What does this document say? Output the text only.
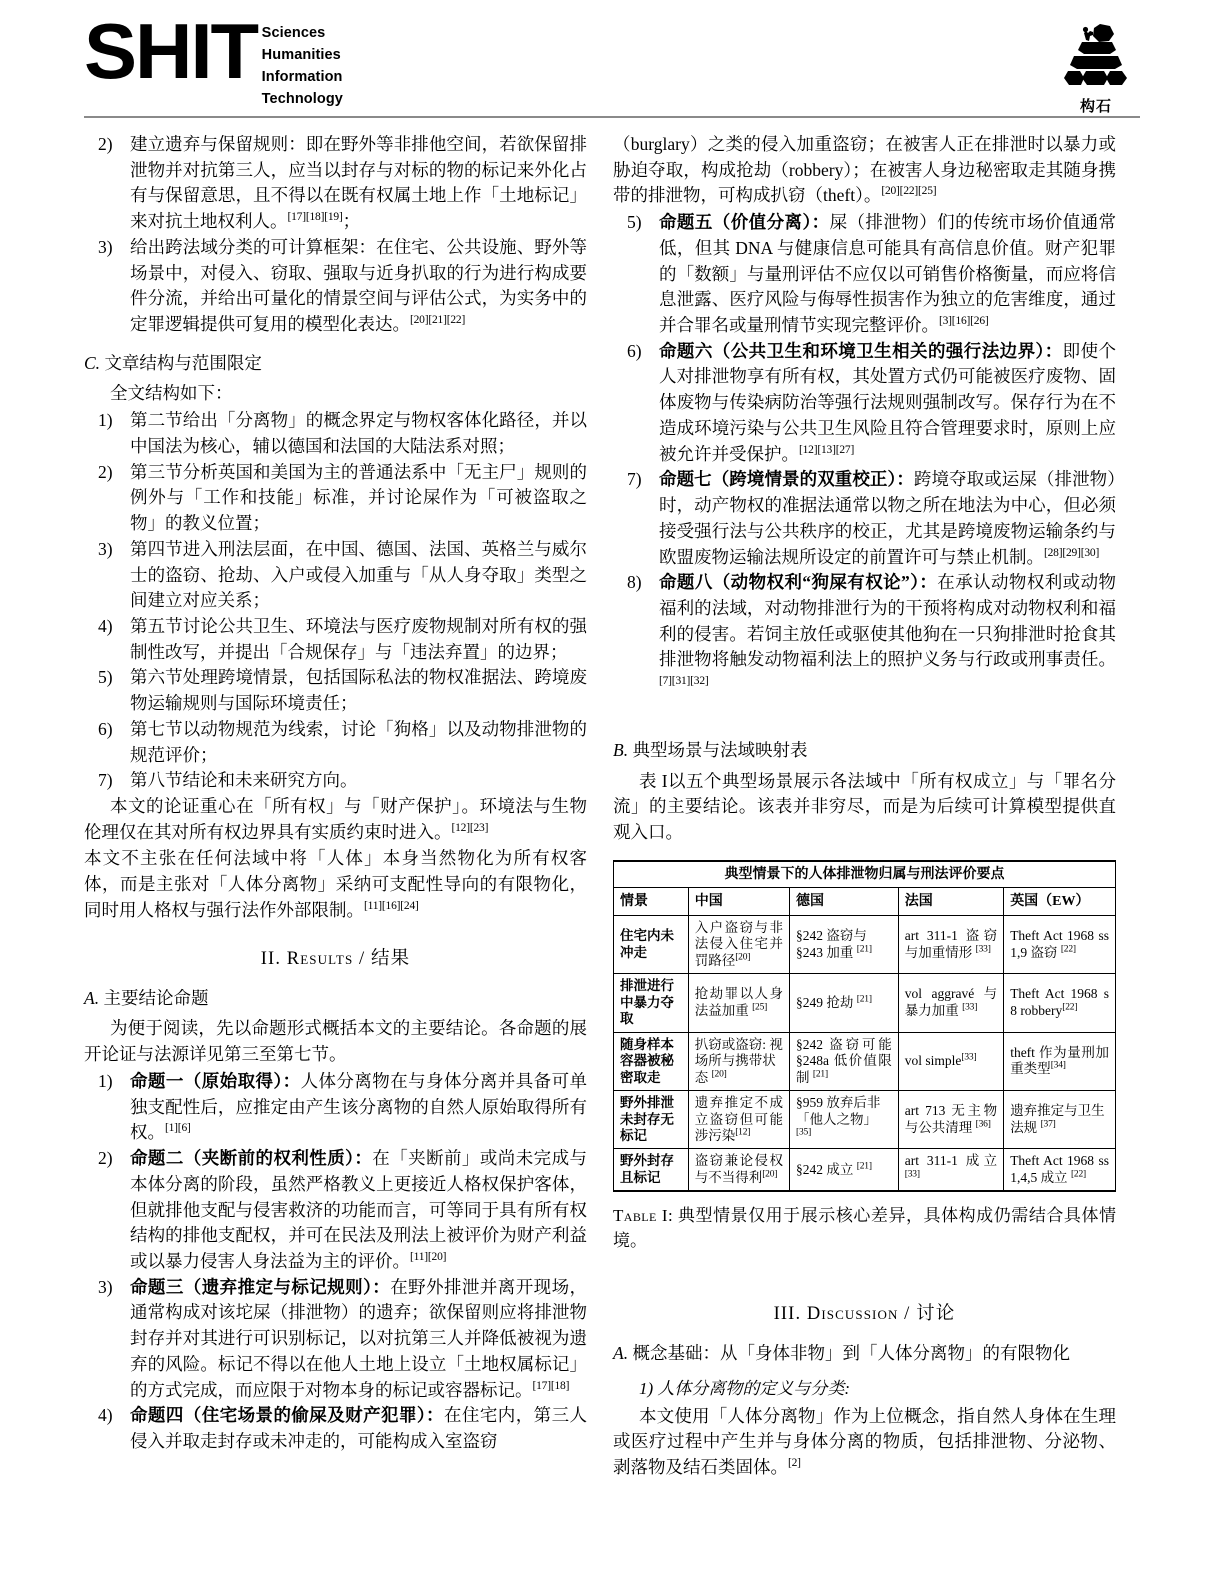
SHIT Sciences
Humanities
Information
Technology	构石
2) 建立遗弃与保留规则：即在野外等非排他空间，若欲保留排泄物并对抗第三人，应当以封存与对标的物的标记来外化占有与保留意思，且不得以在既有权属土地上作「土地标记」来对抗土地权利人。[17][18][19]；
3) 给出跨法域分类的可计算框架：在住宅、公共设施、野外等场景中，对侵入、窃取、强取与近身扒取的行为进行构成要件分流，并给出可量化的情景空间与评估公式，为实务中的定罪逻辑提供可复用的模型化表达。[20][21][22]
C. 文章结构与范围限定

全文结构如下：

1) 第二节给出「分离物」的概念界定与物权客体化路径，并以中国法为核心，辅以德国和法国的大陆法系对照；
2) 第三节分析英国和美国为主的普通法系中「无主尸」规则的例外与「工作和技能」标准，并讨论屎作为「可被盗取之物」的教义位置；
3) 第四节进入刑法层面，在中国、德国、法国、英格兰与威尔士的盗窃、抢劫、入户或侵入加重与「从人身夺取」类型之间建立对应关系；
4) 第五节讨论公共卫生、环境法与医疗废物规制对所有权的强制性改写，并提出「合规保存」与「违法弃置」的边界；
5) 第六节处理跨境情景，包括国际私法的物权准据法、跨境废物运输规则与国际环境责任；
6) 第七节以动物规范为线索，讨论「狗格」以及动物排泄物的规范评价；
7) 第八节结论和未来研究方向。

本文的论证重心在「所有权」与「财产保护」。环境法与生物伦理仅在其对所有权边界具有实质约束时进入。[12][23]

本文不主张在任何法域中将「人体」本身当然物化为所有权客体，而是主张对「人体分离物」采纳可支配性导向的有限物化，同时用人格权与强行法作外部限制。[11][16][24]

II. Results / 结果
A. 主要结论命题

为便于阅读，先以命题形式概括本文的主要结论。各命题的展开论证与法源详见第三至第七节。

1) 命题一（原始取得）：人体分离物在与身体分离并具备可单独支配性后，应推定由产生该分离物的自然人原始取得所有权。[1][6]
2) 命题二（夹断前的权利性质）：在「夹断前」或尚未完成与本体分离的阶段，虽然严格教义上更接近人格权保护客体，但就排他支配与侵害救济的功能而言，可等同于具有所有权结构的排他支配权，并可在民法及刑法上被评价为财产利益或以暴力侵害人身法益为主的评价。[11][20]
3) 命题三（遗弃推定与标记规则）：在野外排泄并离开现场，通常构成对该坨屎（排泄物）的遗弃；欲保留则应将排泄物封存并对其进行可识别标记，以对抗第三人并降低被视为遗弃的风险。标记不得以在他人土地上设立「土地权属标记」的方式完成，而应限于对物本身的标记或容器标记。[17][18]
4) 命题四（住宅场景的偷屎及财产犯罪）：在住宅内，第三人侵入并取走封存或未冲走的，可能构成入室盗窃

（burglary）之类的侵入加重盗窃；在被害人正在排泄时以暴力或胁迫夺取，构成抢劫（robbery）；在被害人身边秘密取走其随身携带的排泄物，可构成扒窃（theft）。[20][22][25]

5) 命题五（价值分离）：屎（排泄物）们的传统市场价值通常低，但其 DNA 与健康信息可能具有高信息价值。财产犯罪的「数额」与量刑评估不应仅以可销售价格衡量，而应将信息泄露、医疗风险与侮辱性损害作为独立的危害维度，通过并合罪名或量刑情节实现完整评价。[3][16][26]
6) 命题六（公共卫生和环境卫生相关的强行法边界）：即使个人对排泄物享有所有权，其处置方式仍可能被医疗废物、固体废物与传染病防治等强行法规则强制改写。保存行为在不造成环境污染与公共卫生风险且符合管理要求时，原则上应被允许并受保护。[12][13][27]
7) 命题七（跨境情景的双重校正）：跨境夺取或运屎（排泄物）时，动产物权的准据法通常以物之所在地法为中心，但必须接受强行法与公共秩序的校正，尤其是跨境废物运输条约与欧盟废物运输法规所设定的前置许可与禁止机制。[28][29][30]
8) 命题八（动物权利“狗屎有权论”）：在承认动物权利或动物福利的法域，对动物排泄行为的干预将构成对动物权利和福利的侵害。若饲主放任或驱使其他狗在一只狗排泄时抢食其排泄物将触发动物福利法上的照护义务与行政或刑事责任。[7][31][32]
B. 典型场景与法域映射表

表 I以五个典型场景展示各法域中「所有权成立」与「罪名分流」的主要结论。该表并非穷尽，而是为后续可计算模型提供直观入口。

典型情景下的人体排泄物归属与刑法评价要点				
情景	中国	德国	法国	英国（EW）
住宅内未冲走	入户盗窃与非法侵入住宅并罚路径[20]	§242 盗窃与§243 加重 [21]	art 311-1 盗窃与加重情形 [33]	Theft Act 1968 ss 1,9 盗窃 [22]
排泄进行中暴力夺取	抢劫罪以人身法益加重 [25]	§249 抢劫 [21]	vol aggravé 与暴力加重 [33]	Theft Act 1968 s 8 robbery[22]
随身样本容器被秘密取走	扒窃或盗窃: 视场所与携带状态 [20]	§242 盗窃可能 §248a 低价值限制 [21]	vol simple[33]	theft 作为量刑加重类型[34]
野外排泄未封存无标记	遗弃推定不成立盗窃但可能涉污染[12]	§959 放弃后非「他人之物」[35]	art 713 无主物与公共清理 [36]	遗弃推定与卫生法规 [37]
野外封存且标记	盗窃兼论侵权与不当得利[20]	§242 成立 [21]	art 311-1 成立 [33]	Theft Act 1968 ss 1,4,5 成立 [22]
Table I: 典型情景仅用于展示核心差异，具体构成仍需结合具体情境。
III. Discussion / 讨论
A. 概念基础：从「身体非物」到「人体分离物」的有限物化
1) 人体分离物的定义与分类:

本文使用「人体分离物」作为上位概念，指自然人身体在生理或医疗过程中产生并与身体分离的物质，包括排泄物、分泌物、剥落物及结石类固体。[2]
